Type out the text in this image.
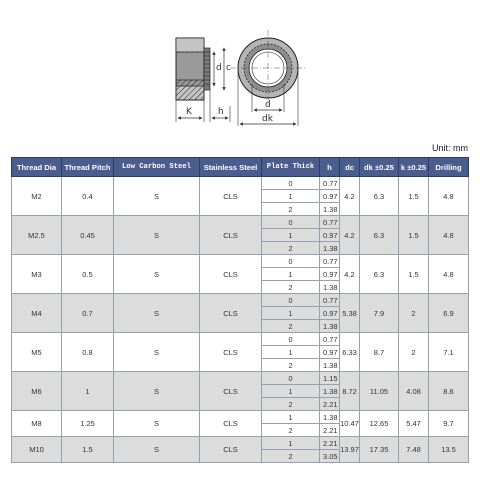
d c
K	h
d
dk
Unit: mm
Thread Dia	Thread Pitch	Low Carbon Steel	Stainless Steel	Plate Thick	h	dc	dk ±0.25	k ±0.25	Drilling
M2	0.4	S	CLS	0	0.77	4.2	6.3	1.5	4.8
				1	0.97				
				2	1.38				
M2.5	0.45	S	CLS	0	0.77	4.2	6.3	1.5	4.8
				1	0.97				
				2	1.38				
M3	0.5	S	CLS	0	0.77	4.2	6.3	1.5	4.8
				1	0.97				
				2	1.38				
M4	0.7	S	CLS	0	0.77	5.38	7.9	2	6.9
				1	0.97				
				2	1.38				
M5	0.8	S	CLS	0	0.77	6.33	8.7	2	7.1
				1	0.97				
				2	1.38				
M6	1	S	CLS	0	1.15	8.72	11.05	4.08	8.6
				1	1.38				
				2	2.21				
M8	1.25	S	CLS	1	1.38	10.47	12.65	5.47	9.7
				2	2.21				
M10	1.5	S	CLS	1	2.21	13.97	17.35	7.48	13.5
				2	3.05				
